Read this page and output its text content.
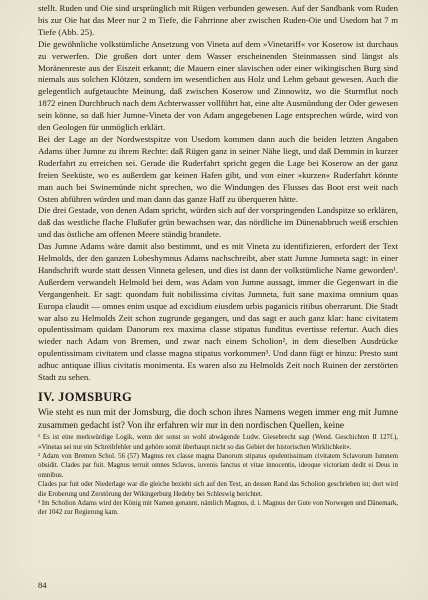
stellt. Ruden und Oie sind ursprünglich mit Rügen verbunden gewesen. Auf der Sandbank vom Ruden bis zur Oie hat das Meer nur 2 m Tiefe, die Fahrrinne aber zwischen Ruden-Oie und Usedom hat 7 m Tiefe (Abb. 25).

Die gewöhnliche volkstümliche Ansetzung von Vineta auf dem »Vinetariff« vor Koserow ist durchaus zu verwerfen. Die großen dort unter dem Wasser erscheinenden Steinmassen sind längst als Moränenreste aus der Eiszeit erkannt; die Mauern einer slavischen oder einer wikingischen Burg sind niemals aus solchen Klötzen, sondern im wesentlichen aus Holz und Lehm gebaut gewesen. Auch die gelegentlich aufgetauchte Meinung, daß zwischen Koserow und Zinnowitz, wo die Sturmflut noch 1872 einen Durchbruch nach dem Achterwasser vollführt hat, eine alte Ausmündung der Oder gewesen sein könne, so daß hier Jumne-Vineta der von Adam angegebenen Lage entsprechen würde, wird von den Geologen für unmöglich erklärt.

Bei der Lage an der Nordwestspitze von Usedom kommen dann auch die beiden letzten Angaben Adams über Jumne zu ihrem Rechte: daß Rügen ganz in seiner Nähe liegt, und daß Demmin in kurzer Ruderfahrt zu erreichen sei. Gerade die Ruderfahrt spricht gegen die Lage bei Koserow an der ganz freien Seeküste, wo es außerdem gar keinen Hafen gibt, und von einer »kurzen« Ruderfahrt könnte man auch bei Swinemünde nicht sprechen, wo die Windungen des Flusses das Boot erst weit nach Osten abführen würden und man dann das ganze Haff zu überqueren hätte.

Die drei Gestade, von denen Adam spricht, würden sich auf der vorspringenden Landspitze so erklären, daß das westliche flache Flußufer grün bewachsen war, das nördliche im Dünenabbruch weiß erschien und das östliche am offenen Meere ständig brandete.

Das Jumne Adams wäre damit also bestimmt, und es mit Vineta zu identifizieren, erfordert der Text Helmolds, der den ganzen Lobeshymnus Adams nachschreibt, aber statt Jumne Jumneta sagt: in einer Handschrift wurde statt dessen Vinneta gelesen, und dies ist dann der volkstümliche Name geworden¹. Außerdem verwandelt Helmold bei dem, was Adam von Jumne aussagt, immer die Gegenwart in die Vergangenheit. Er sagt: quondam fuit nobilissima civitas Jumneta, fuit sane maxima omnium quas Europa claudit — omnes enim usque ad excidium eiusdem urbis paganicis ritibus oberrarunt. Die Stadt war also zu Helmolds Zeit schon zugrunde gegangen, und das sagt er auch ganz klar: hanc civitatem opulentissimam quidam Danorum rex maxima classe stipatus funditus evertisse refertur. Auch dies wieder nach Adam von Bremen, und zwar nach einem Scholion², in dem dieselben Ausdrücke opulentissimam civitatem und classe magna stipatus vorkommen³. Und dann fügt er hinzu: Presto sunt adhuc antiquae illius civitatis monimenta. Es waren also zu Helmolds Zeit noch Ruinen der zerstörten Stadt zu sehen.

IV. JOMSBURG

Wie steht es nun mit der Jomsburg, die doch schon ihres Namens wegen immer eng mit Jumne zusammen gedacht ist? Von ihr erfahren wir nur in den nordischen Quellen, keine

¹ Es ist eine merkwürdige Logik, wenn der sonst so wohl abwägende Ludw. Giesebrecht sagt (Wend. Geschichten II 127f.), »Vinetas sei nur ein Schreibfehler und gehöre somit überhaupt nicht so das Gebiet der historischen Wirklichkeit«.

² Adam von Bremen Schol. 56 (57) Magnus rex classe magna Danorum stipatus opulentissimam civitatem Sclavorum Iumnem obsidit. Clades par fuit. Magnus terruit omnes Sclavos, iuvenis fanctus et vitae innocentis, ideoque victoriam dedit ei Deus in omnibus.

Clades par fuit oder Niederlage war die gleiche bezieht sich auf den Text, an dessen Rand das Scholion geschrieben ist; dort wird die Eroberung und Zerstörung der Wikingerburg Hedeby bei Schleswig berichtet.

³ Im Scholion Adams wird der König mit Namen genannt, nämlich Magnus, d. i. Magnus der Gute von Norwegen und Dänemark, der 1042 zur Regierung kam.

84
